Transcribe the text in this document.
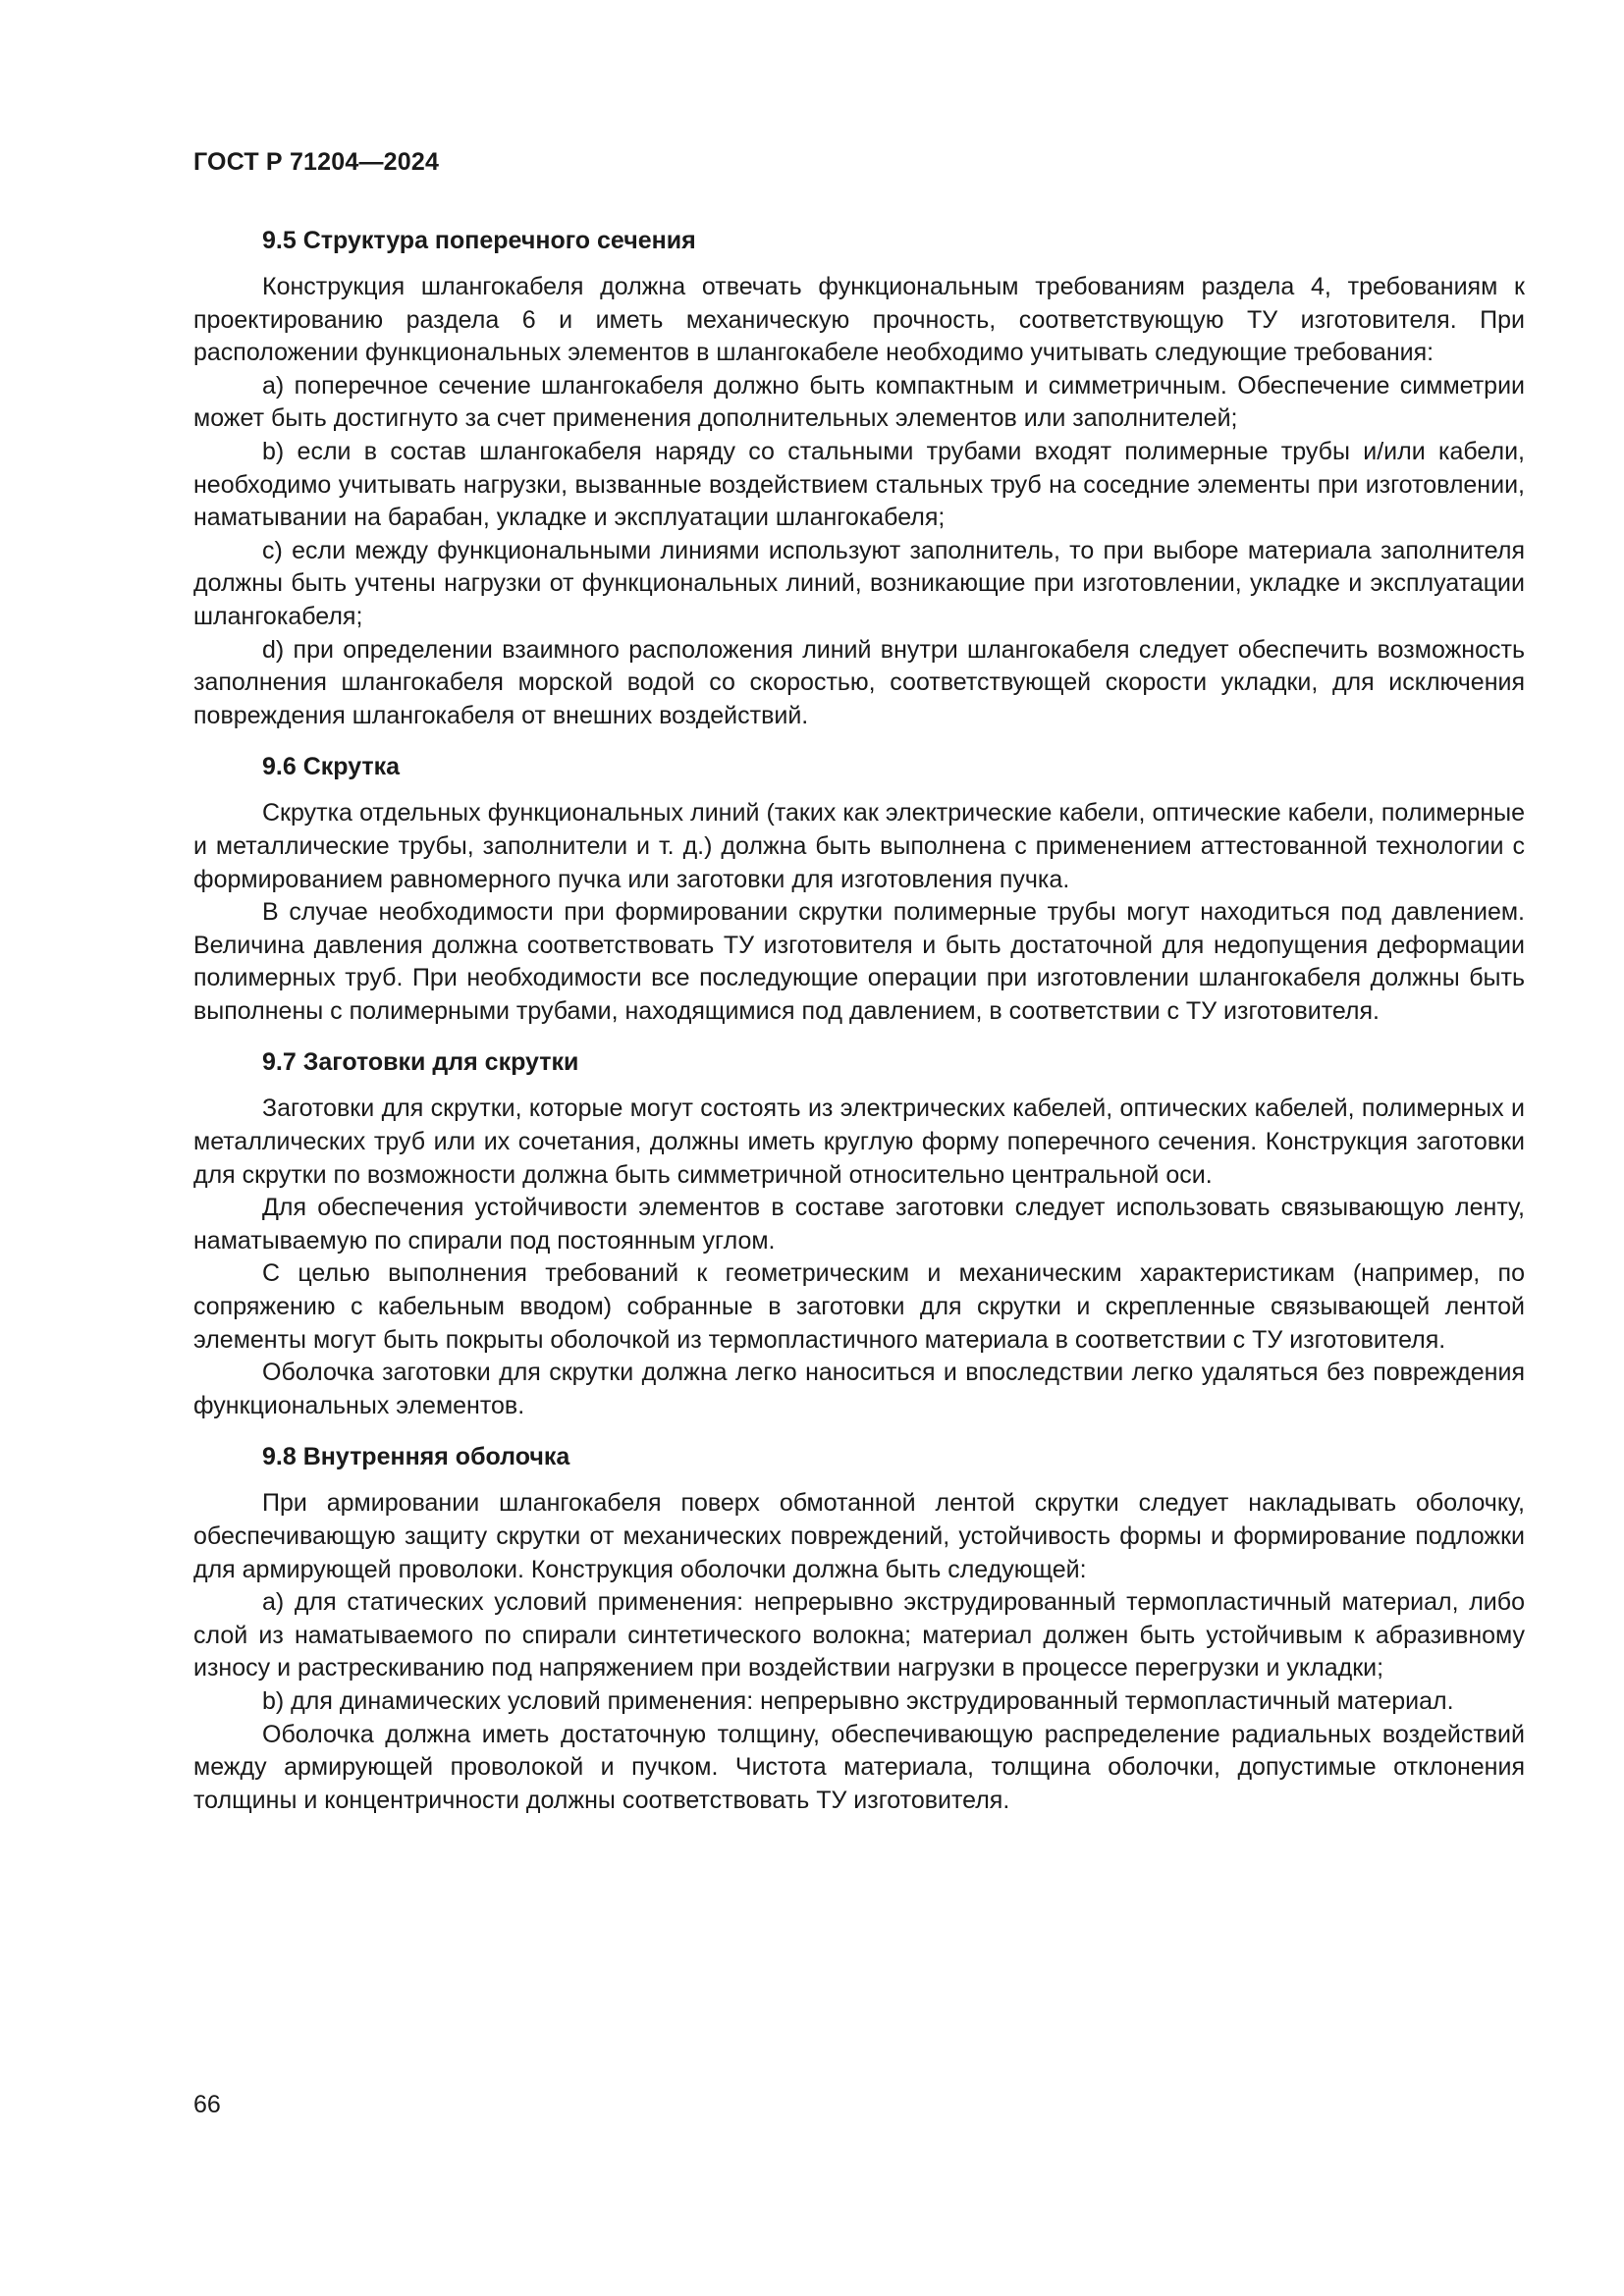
ГОСТ Р 71204—2024
9.5 Структура поперечного сечения

Конструкция шлангокабеля должна отвечать функциональным требованиям раздела 4, требованиям к проектированию раздела 6 и иметь механическую прочность, соответствующую ТУ изготовителя. При расположении функциональных элементов в шлангокабеле необходимо учитывать следующие требования:

a) поперечное сечение шлангокабеля должно быть компактным и симметричным. Обеспечение симметрии может быть достигнуто за счет применения дополнительных элементов или заполнителей;

b) если в состав шлангокабеля наряду со стальными трубами входят полимерные трубы и/или кабели, необходимо учитывать нагрузки, вызванные воздействием стальных труб на соседние элементы при изготовлении, наматывании на барабан, укладке и эксплуатации шлангокабеля;

c) если между функциональными линиями используют заполнитель, то при выборе материала заполнителя должны быть учтены нагрузки от функциональных линий, возникающие при изготовлении, укладке и эксплуатации шлангокабеля;

d) при определении взаимного расположения линий внутри шлангокабеля следует обеспечить возможность заполнения шлангокабеля морской водой со скоростью, соответствующей скорости укладки, для исключения повреждения шлангокабеля от внешних воздействий.

9.6 Скрутка

Скрутка отдельных функциональных линий (таких как электрические кабели, оптические кабели, полимерные и металлические трубы, заполнители и т. д.) должна быть выполнена с применением аттестованной технологии с формированием равномерного пучка или заготовки для изготовления пучка.

В случае необходимости при формировании скрутки полимерные трубы могут находиться под давлением. Величина давления должна соответствовать ТУ изготовителя и быть достаточной для недопущения деформации полимерных труб. При необходимости все последующие операции при изготовлении шлангокабеля должны быть выполнены с полимерными трубами, находящимися под давлением, в соответствии с ТУ изготовителя.

9.7 Заготовки для скрутки

Заготовки для скрутки, которые могут состоять из электрических кабелей, оптических кабелей, полимерных и металлических труб или их сочетания, должны иметь круглую форму поперечного сечения. Конструкция заготовки для скрутки по возможности должна быть симметричной относительно центральной оси.

Для обеспечения устойчивости элементов в составе заготовки следует использовать связывающую ленту, наматываемую по спирали под постоянным углом.

С целью выполнения требований к геометрическим и механическим характеристикам (например, по сопряжению с кабельным вводом) собранные в заготовки для скрутки и скрепленные связывающей лентой элементы могут быть покрыты оболочкой из термопластичного материала в соответствии с ТУ изготовителя.

Оболочка заготовки для скрутки должна легко наноситься и впоследствии легко удаляться без повреждения функциональных элементов.

9.8 Внутренняя оболочка

При армировании шлангокабеля поверх обмотанной лентой скрутки следует накладывать оболочку, обеспечивающую защиту скрутки от механических повреждений, устойчивость формы и формирование подложки для армирующей проволоки. Конструкция оболочки должна быть следующей:

a) для статических условий применения: непрерывно экструдированный термопластичный материал, либо слой из наматываемого по спирали синтетического волокна; материал должен быть устойчивым к абразивному износу и растрескиванию под напряжением при воздействии нагрузки в процессе перегрузки и укладки;

b) для динамических условий применения: непрерывно экструдированный термопластичный материал.

Оболочка должна иметь достаточную толщину, обеспечивающую распределение радиальных воздействий между армирующей проволокой и пучком. Чистота материала, толщина оболочки, допустимые отклонения толщины и концентричности должны соответствовать ТУ изготовителя.

66
